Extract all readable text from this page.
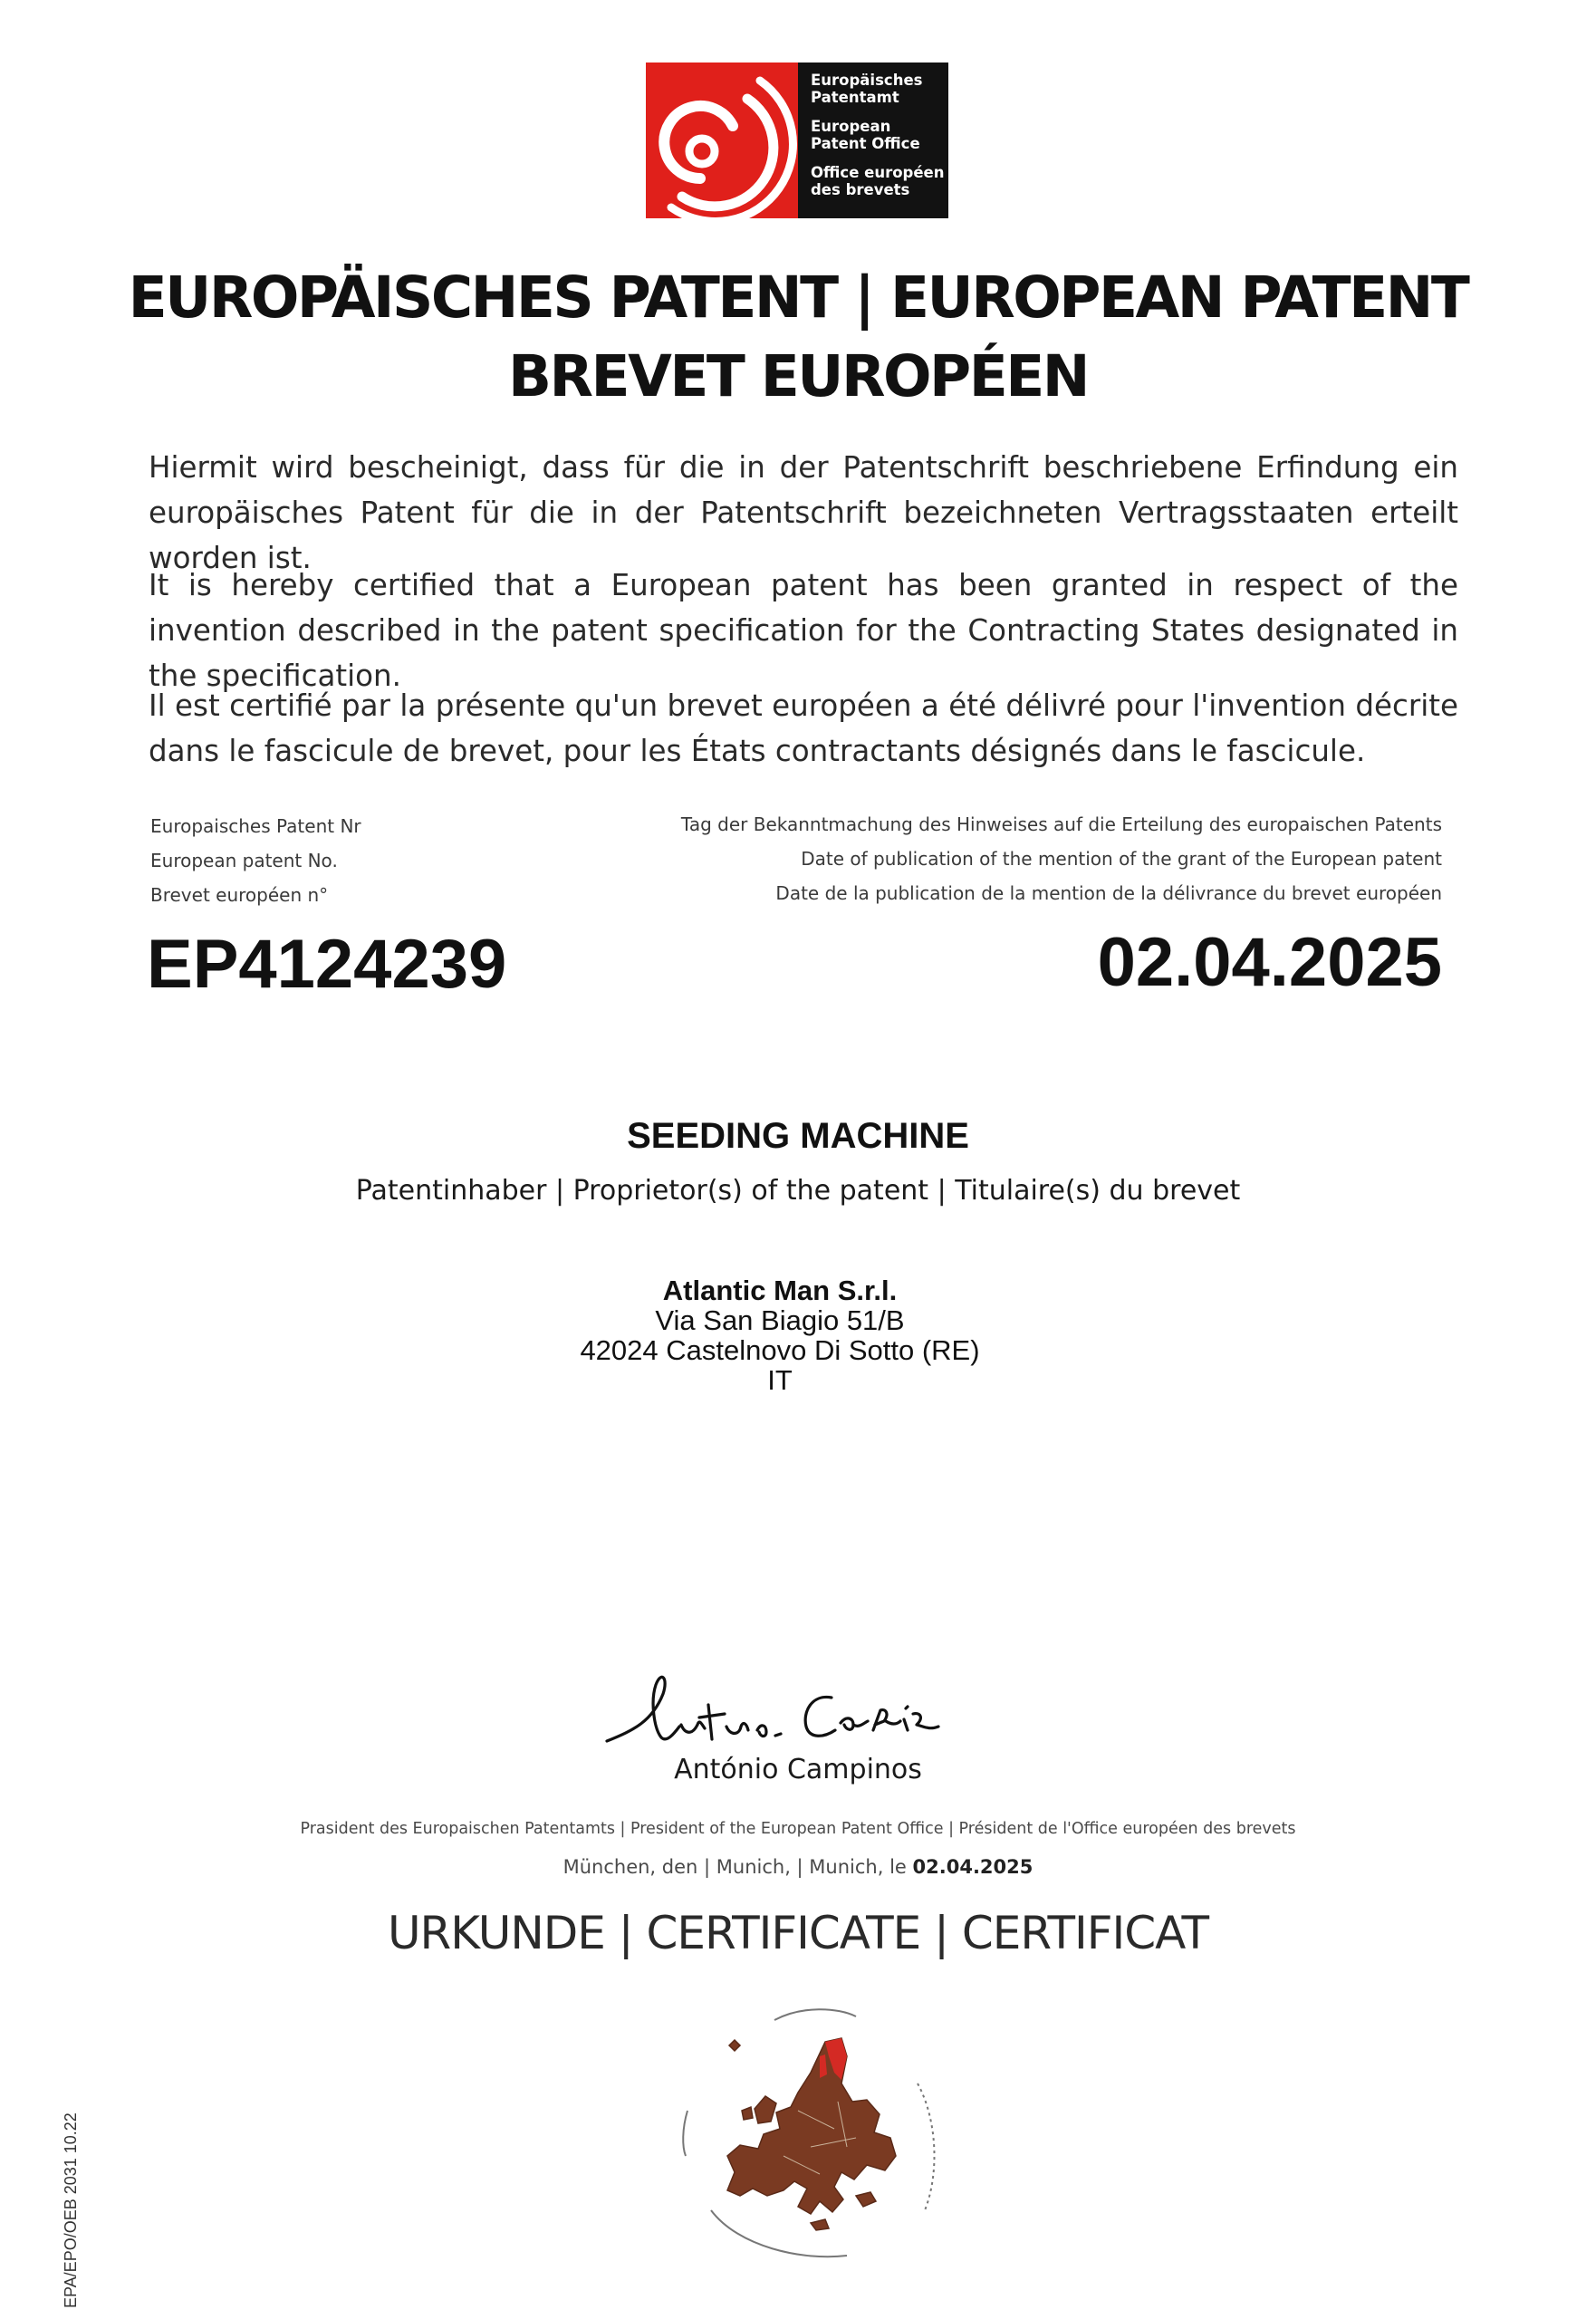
Europäisches
Patentamt
European
Patent Office
Office européen
des brevets
EUROPÄISCHES PATENT | EUROPEAN PATENT
BREVET EUROPÉEN
Hiermit wird bescheinigt, dass für die in der Patentschrift beschriebene Erfindung ein europäisches Patent für die in der Patentschrift bezeichneten Vertragsstaaten erteilt worden ist.
It is hereby certified that a European patent has been granted in respect of the invention described in the patent specification for the Contracting States designated in the specification.
Il est certifié par la présente qu'un brevet européen a été délivré pour l'invention décrite dans le fascicule de brevet, pour les États contractants désignés dans le fascicule.
Europaisches Patent Nr
European patent No.
Brevet européen n°
Tag der Bekanntmachung des Hinweises auf die Erteilung des europaischen Patents
Date of publication of the mention of the grant of the European patent
Date de la publication de la mention de la délivrance du brevet européen
EP4124239	02.04.2025
SEEDING MACHINE
Patentinhaber | Proprietor(s) of the patent | Titulaire(s) du brevet
Atlantic Man S.r.l.
Via San Biagio 51/B
42024 Castelnovo Di Sotto (RE)
IT
António Campinos
Prasident des Europaischen Patentamts | President of the European Patent Office | Président de l'Office européen des brevets
München, den | Munich, | Munich, le 02.04.2025
URKUNDE | CERTIFICATE | CERTIFICAT
EPA/EPO/OEB 2031 10.22
